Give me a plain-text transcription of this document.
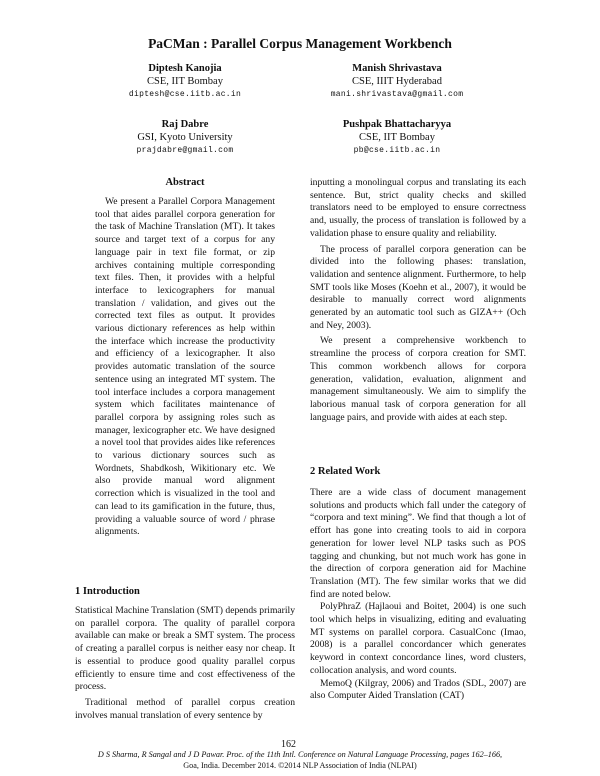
PaCMan : Parallel Corpus Management Workbench
Diptesh Kanojia
CSE, IIT Bombay
diptesh@cse.iitb.ac.in
Manish Shrivastava
CSE, IIIT Hyderabad
mani.shrivastava@gmail.com
Raj Dabre
GSI, Kyoto University
prajdabre@gmail.com
Pushpak Bhattacharyya
CSE, IIT Bombay
pb@cse.iitb.ac.in
Abstract

We present a Parallel Corpora Management tool that aides parallel corpora generation for the task of Machine Translation (MT). It takes source and target text of a corpus for any language pair in text file format, or zip archives containing multiple corresponding text files. Then, it provides with a helpful interface to lexicographers for manual translation / validation, and gives out the corrected text files as output. It provides various dictionary references as help within the interface which increase the productivity and efficiency of a lexicographer. It also provides automatic translation of the source sentence using an integrated MT system. The tool interface includes a corpora management system which facilitates maintenance of parallel corpora by assigning roles such as manager, lexicographer etc. We have designed a novel tool that provides aides like references to various dictionary sources such as Wordnets, Shabdkosh, Wikitionary etc. We also provide manual word alignment correction which is visualized in the tool and can lead to its gamification in the future, thus, providing a valuable source of word / phrase alignments.

1 Introduction

Statistical Machine Translation (SMT) depends primarily on parallel corpora. The quality of parallel corpora available can make or break a SMT system. The process of creating a parallel corpus is neither easy nor cheap. It is essential to produce good quality parallel corpus efficiently to ensure time and cost effectiveness of the process.

Traditional method of parallel corpus creation involves manual translation of every sentence by

inputting a monolingual corpus and translating its each sentence. But, strict quality checks and skilled translators need to be employed to ensure correctness and, usually, the process of translation is followed by a validation phase to ensure quality and reliability.

The process of parallel corpora generation can be divided into the following phases: translation, validation and sentence alignment. Furthermore, to help SMT tools like Moses (Koehn et al., 2007), it would be desirable to manually correct word alignments generated by an automatic tool such as GIZA++ (Och and Ney, 2003).

We present a comprehensive workbench to streamline the process of corpora creation for SMT. This common workbench allows for corpora generation, validation, evaluation, alignment and management simultaneously. We aim to simplify the laborious manual task of corpora generation for all language pairs, and provide with aides at each step.

2 Related Work

There are a wide class of document management solutions and products which fall under the category of “corpora and text mining”. We find that though a lot of effort has gone into creating tools to aid in corpora generation for lower level NLP tasks such as POS tagging and chunking, but not much work has gone in the direction of corpora generation aid for Machine Translation (MT). The few similar works that we did find are noted below.

PolyPhraZ (Hajlaoui and Boitet, 2004) is one such tool which helps in visualizing, editing and evaluating MT systems on parallel corpora. CasualConc (Imao, 2008) is a parallel concordancer which generates keyword in context concordance lines, word clusters, collocation analysis, and word counts.

MemoQ (Kilgray, 2006) and Trados (SDL, 2007) are also Computer Aided Translation (CAT)

162
D S Sharma, R Sangal and J D Pawar. Proc. of the 11th Intl. Conference on Natural Language Processing, pages 162–166,
Goa, India. December 2014. ©2014 NLP Association of India (NLPAI)
